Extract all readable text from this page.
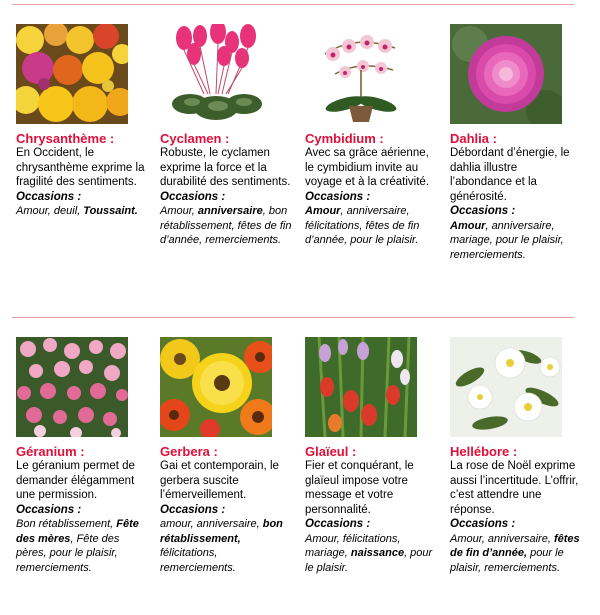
Chrysanthème :
En Occident, le chrysanthème exprime la fragilité des sentiments.
Occasions :
Amour, deuil, Toussaint.
Cyclamen :
Robuste, le cyclamen exprime la force et la durabilité des sentiments.
Occasions :
Amour, anniversaire, bon rétablissement, fêtes de fin d’année, remerciements.
Cymbidium :
Avec sa grâce aérienne, le cymbidium invite au voyage et à la créativité.
Occasions :
Amour, anniversaire, félicitations, fêtes de fin d’année, pour le plaisir.
Dahlia :
Débordant d’énergie, le dahlia illustre l’abondance et la générosité.
Occasions :
Amour, anniversaire, mariage, pour le plaisir, remerciements.
Géranium :
Le géranium permet de demander élégamment une permission.
Occasions :
Bon rétablissement, Fête des mères, Fête des pères, pour le plaisir, remerciements.
Gerbera :
Gai et contemporain, le gerbera suscite l’émerveillement.
Occasions :
amour, anniversaire, bon rétablissement, félicitations, remerciements.
Glaïeul :
Fier et conquérant, le glaïeul impose votre message et votre personnalité.
Occasions :
Amour, félicitations, mariage, naissance, pour le plaisir.
Hellébore :
La rose de Noël exprime aussi l’incertitude. L’offrir, c’est attendre une réponse.
Occasions :
Amour, anniversaire, fêtes de fin d’année, pour le plaisir, remerciements.
